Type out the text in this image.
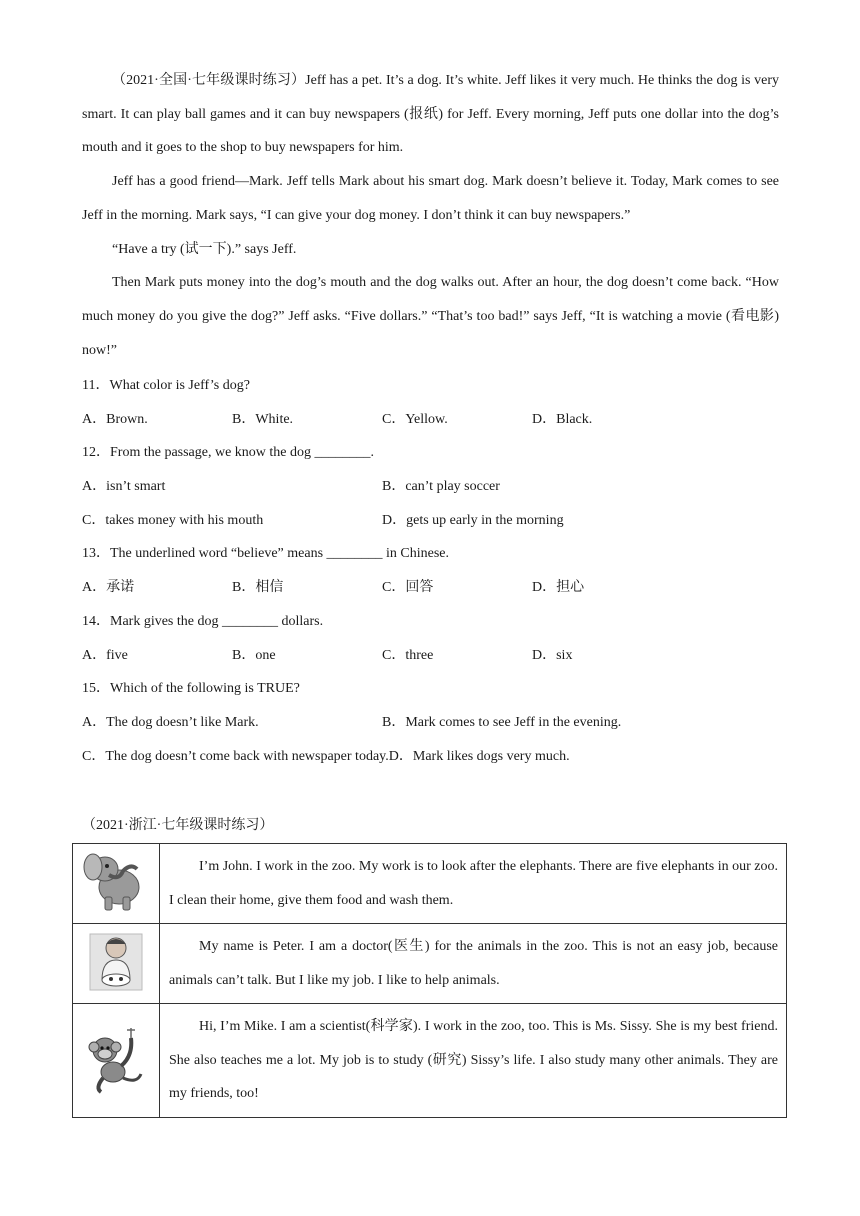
（2021·全国·七年级课时练习）Jeff has a pet. It’s a dog. It’s white. Jeff likes it very much. He thinks the dog is very smart. It can play ball games and it can buy newspapers (报纸) for Jeff. Every morning, Jeff puts one dollar into the dog’s mouth and it goes to the shop to buy newspapers for him.

Jeff has a good friend—Mark. Jeff tells Mark about his smart dog. Mark doesn’t believe it. Today, Mark comes to see Jeff in the morning. Mark says, “I can give your dog money. I don’t think it can buy newspapers.”

“Have a try (试一下).” says Jeff.

Then Mark puts money into the dog’s mouth and the dog walks out. After an hour, the dog doesn’t come back. “How much money do you give the dog?” Jeff asks. “Five dollars.” “That’s too bad!” says Jeff, “It is watching a movie (看电影) now!”

11．What color is Jeff’s dog?
A．Brown.	B．White.	C．Yellow.	D．Black.
12．From the passage, we know the dog ________.
A．isn’t smart	B．can’t play soccer
C．takes money with his mouth	D．gets up early in the morning
13．The underlined word “believe” means ________ in Chinese.
A．承诺	B．相信	C．回答	D．担心
14．Mark gives the dog ________ dollars.
A．five	B．one	C．three	D．six
15．Which of the following is TRUE?
A．The dog doesn’t like Mark.	B．Mark comes to see Jeff in the evening.
C．The dog doesn’t come back with newspaper today.D．Mark likes dogs very much.
（2021·浙江·七年级课时练习）

I’m John. I work in the zoo. My work is to look after the elephants. There are five elephants in our zoo. I clean their home, give them food and wash them.

My name is Peter. I am a doctor(医生) for the animals in the zoo. This is not an easy job, because animals can’t talk. But I like my job. I like to help animals.

Hi, I’m Mike. I am a scientist(科学家). I work in the zoo, too. This is Ms. Sissy. She is my best friend. She also teaches me a lot. My job is to study (研究) Sissy’s life. I also study many other animals. They are my friends, too!
